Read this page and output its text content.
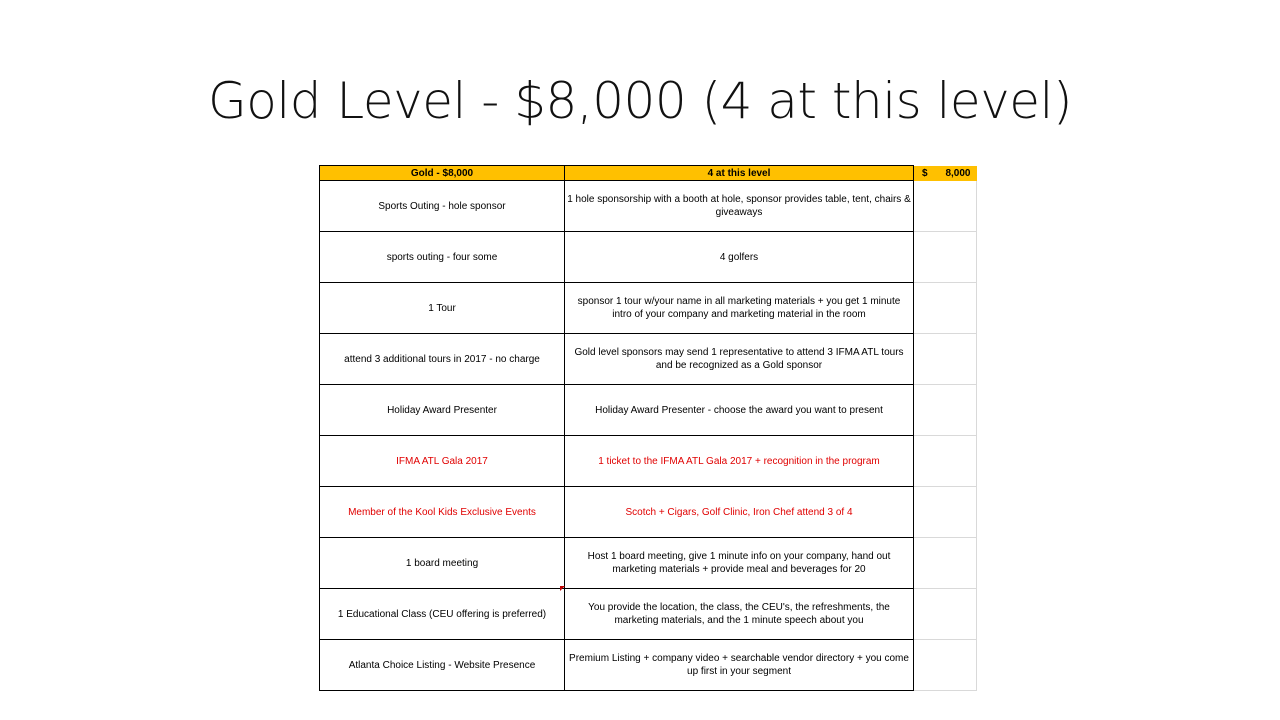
Gold Level - $8,000 (4 at this level)
Gold - $8,000	4 at this level	$ 8,000

Sports Outing - hole sponsor	1 hole sponsorship with a booth at hole, sponsor provides table, tent, chairs & giveaways	
sports outing - four some	4 golfers	
1 Tour	sponsor 1 tour w/your name in all marketing materials + you get 1 minute intro of your company and marketing material in the room	
attend 3 additional tours in 2017 - no charge	Gold level sponsors may send 1 representative to attend 3 IFMA ATL tours and be recognized as a Gold sponsor	
Holiday Award Presenter	Holiday Award Presenter - choose the award you want to present	
IFMA ATL Gala 2017	1 ticket to the IFMA ATL Gala 2017 + recognition in the program	
Member of the Kool Kids Exclusive Events	Scotch + Cigars, Golf Clinic, Iron Chef attend 3 of 4	
1 board meeting	Host 1 board meeting, give 1 minute info on your company, hand out marketing materials + provide meal and beverages for 20	
1 Educational Class (CEU offering is preferred)	You provide the location, the class, the CEU's, the refreshments, the marketing materials, and the 1 minute speech about you	
Atlanta Choice Listing - Website Presence	Premium Listing + company video + searchable vendor directory + you come up first in your segment	
